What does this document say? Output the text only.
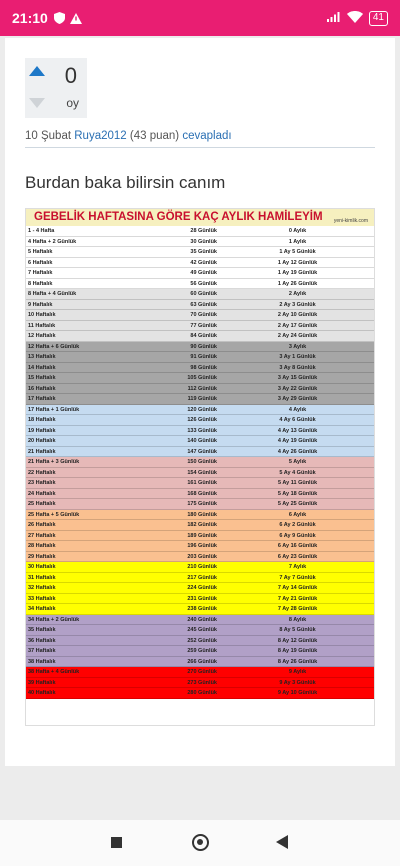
21:10	41
0
oy
10 Şubat Ruya2012 (43 puan) cevapladı
Burdan baka bilirsin canım
GEBELİK HAFTASINA GÖRE KAÇ AYLIK HAMİLEYİM yeni-kimlik.com
1 - 4 Hafta	28 Günlük	0 Aylık
4 Hafta + 2 Günlük	30 Günlük	1 Aylık
5 Haftalık	35 Günlük	1 Ay 5 Günlük
6 Haftalık	42 Günlük	1 Ay 12 Günlük
7 Haftalık	49 Günlük	1 Ay 19 Günlük
8 Haftalık	56 Günlük	1 Ay 26 Günlük
8 Hafta + 4 Günlük	60 Günlük	2 Aylık
9 Haftalık	63 Günlük	2 Ay 3 Günlük
10 Haftalık	70 Günlük	2 Ay 10 Günlük
11 Haftalık	77 Günlük	2 Ay 17 Günlük
12 Haftalık	84 Günlük	2 Ay 24 Günlük
12 Hafta + 6 Günlük	90 Günlük	3 Aylık
13 Haftalık	91 Günlük	3 Ay 1 Günlük
14 Haftalık	98 Günlük	3 Ay 8 Günlük
15 Haftalık	105 Günlük	3 Ay 15 Günlük
16 Haftalık	112 Günlük	3 Ay 22 Günlük
17 Haftalık	119 Günlük	3 Ay 29 Günlük
17 Hafta + 1 Günlük	120 Günlük	4 Aylık
18 Haftalık	126 Günlük	4 Ay 6 Günlük
19 Haftalık	133 Günlük	4 Ay 13 Günlük
20 Haftalık	140 Günlük	4 Ay 19 Günlük
21 Haftalık	147 Günlük	4 Ay 26 Günlük
21 Hafta + 3 Günlük	150 Günlük	5 Aylık
22 Haftalık	154 Günlük	5 Ay 4 Günlük
23 Haftalık	161 Günlük	5 Ay 11 Günlük
24 Haftalık	168 Günlük	5 Ay 18 Günlük
25 Haftalık	175 Günlük	5 Ay 25 Günlük
25 Hafta + 5 Günlük	180 Günlük	6 Aylık
26 Haftalık	182 Günlük	6 Ay 2 Günlük
27 Haftalık	189 Günlük	6 Ay 9 Günlük
28 Haftalık	196 Günlük	6 Ay 16 Günlük
29 Haftalık	203 Günlük	6 Ay 23 Günlük
30 Haftalık	210 Günlük	7 Aylık
31 Haftalık	217 Günlük	7 Ay 7 Günlük
32 Haftalık	224 Günlük	7 Ay 14 Günlük
33 Haftalık	231 Günlük	7 Ay 21 Günlük
34 Haftalık	238 Günlük	7 Ay 28 Günlük
34 Hafta + 2 Günlük	240 Günlük	8 Aylık
35 Haftalık	245 Günlük	8 Ay 5 Günlük
36 Haftalık	252 Günlük	8 Ay 12 Günlük
37 Haftalık	259 Günlük	8 Ay 19 Günlük
38 Haftalık	266 Günlük	8 Ay 26 Günlük
38 Hafta + 4 Günlük	270 Günlük	9 Aylık
39 Haftalık	273 Günlük	9 Ay 3 Günlük
40 Haftalık	280 Günlük	9 Ay 10 Günlük
